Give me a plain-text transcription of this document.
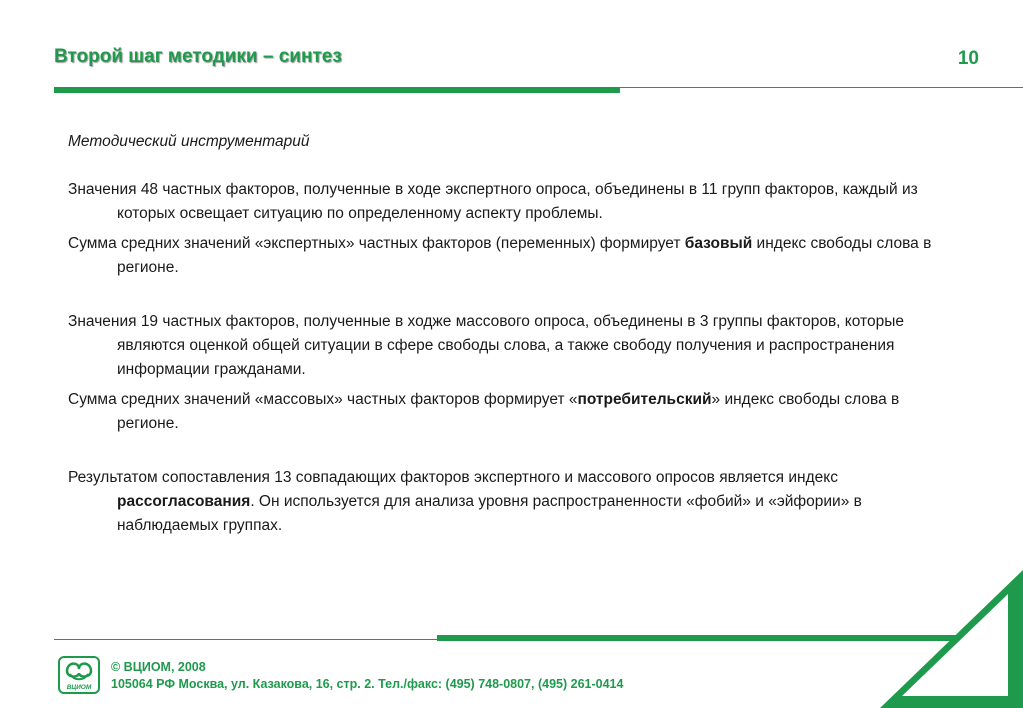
Второй шаг методики – синтез	10

Методический инструментарий

Значения 48 частных факторов, полученные в ходе экспертного опроса, объединены в 11 групп факторов, каждый из которых освещает ситуацию по определенному аспекту проблемы.

Сумма средних значений «экспертных» частных факторов (переменных) формирует базовый индекс свободы слова в регионе.

Значения 19 частных факторов, полученные в ходже массового опроса, объединены в 3 группы факторов, которые являются оценкой общей ситуации в сфере свободы слова, а также свободу получения и распространения информации гражданами.

Сумма средних значений «массовых» частных факторов формирует «потребительский» индекс свободы слова в регионе.

Результатом сопоставления 13 совпадающих факторов экспертного и массового опросов является индекс рассогласования. Он используется для анализа уровня распространенности «фобий» и «эйфории» в наблюдаемых группах.

ВЦИОМ
© ВЦИОМ, 2008
105064 РФ Москва, ул. Казакова, 16, стр. 2. Тел./факс: (495) 748-0807, (495) 261-0414
